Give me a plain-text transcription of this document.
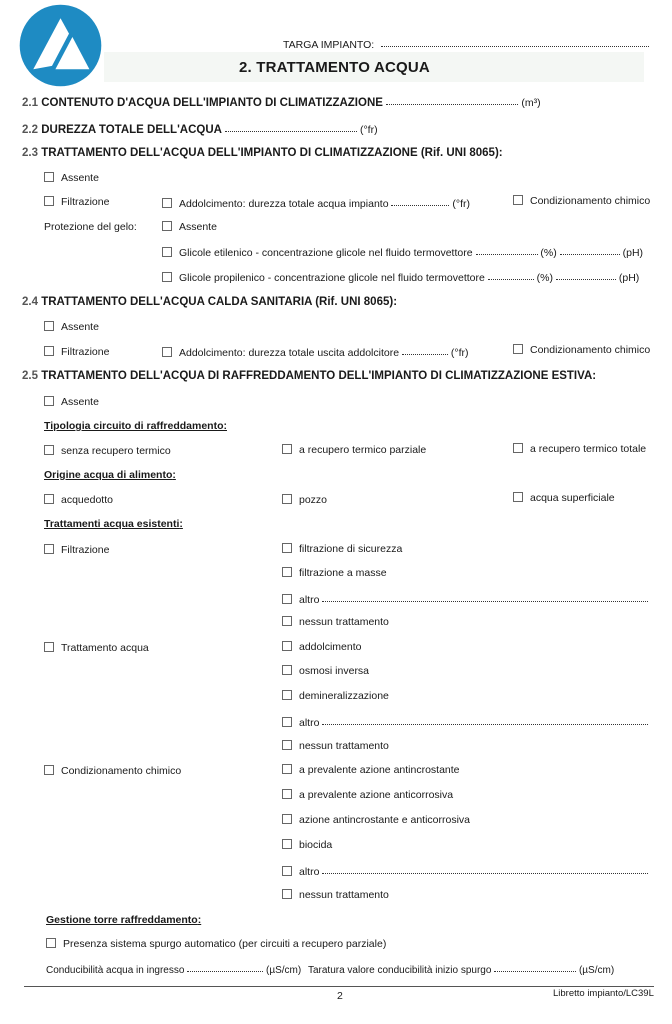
TARGA IMPIANTO:
2. TRATTAMENTO ACQUA
2.1 CONTENUTO D'ACQUA DELL'IMPIANTO DI CLIMATIZZAZIONE	(m³)
2.2 DUREZZA TOTALE DELL'ACQUA	(°fr)
2.3 TRATTAMENTO DELL'ACQUA DELL'IMPIANTO DI CLIMATIZZAZIONE (Rif. UNI 8065):
Assente
Filtrazione	Addolcimento: durezza totale acqua impianto	(°fr)	Condizionamento chimico
Protezione del gelo:	Assente
Glicole etilenico - concentrazione glicole nel fluido termovettore	(%)	(pH)
Glicole propilenico - concentrazione glicole nel fluido termovettore	(%)	(pH)
2.4 TRATTAMENTO DELL'ACQUA CALDA SANITARIA (Rif. UNI 8065):
Assente
Filtrazione	Addolcimento: durezza totale uscita addolcitore	(°fr)	Condizionamento chimico
2.5 TRATTAMENTO DELL'ACQUA DI RAFFREDDAMENTO DELL'IMPIANTO DI CLIMATIZZAZIONE ESTIVA:
Assente
Tipologia circuito di raffreddamento:
senza recupero termico	a recupero termico parziale	a recupero termico totale
Origine acqua di alimento:
acquedotto	pozzo	acqua superficiale
Trattamenti acqua esistenti:
Filtrazione	filtrazione di sicurezza
filtrazione a masse
altro
nessun trattamento
Trattamento acqua	addolcimento
osmosi inversa
demineralizzazione
altro
nessun trattamento
Condizionamento chimico	a prevalente azione antincrostante
a prevalente azione anticorrosiva
azione antincrostante e anticorrosiva
biocida
altro
nessun trattamento
Gestione torre raffreddamento:
Presenza sistema spurgo automatico (per circuiti a recupero parziale)
Conducibilità acqua in ingresso	(µS/cm) Taratura valore conducibilità inizio spurgo	(µS/cm)
2	Libretto impianto/LC39L
